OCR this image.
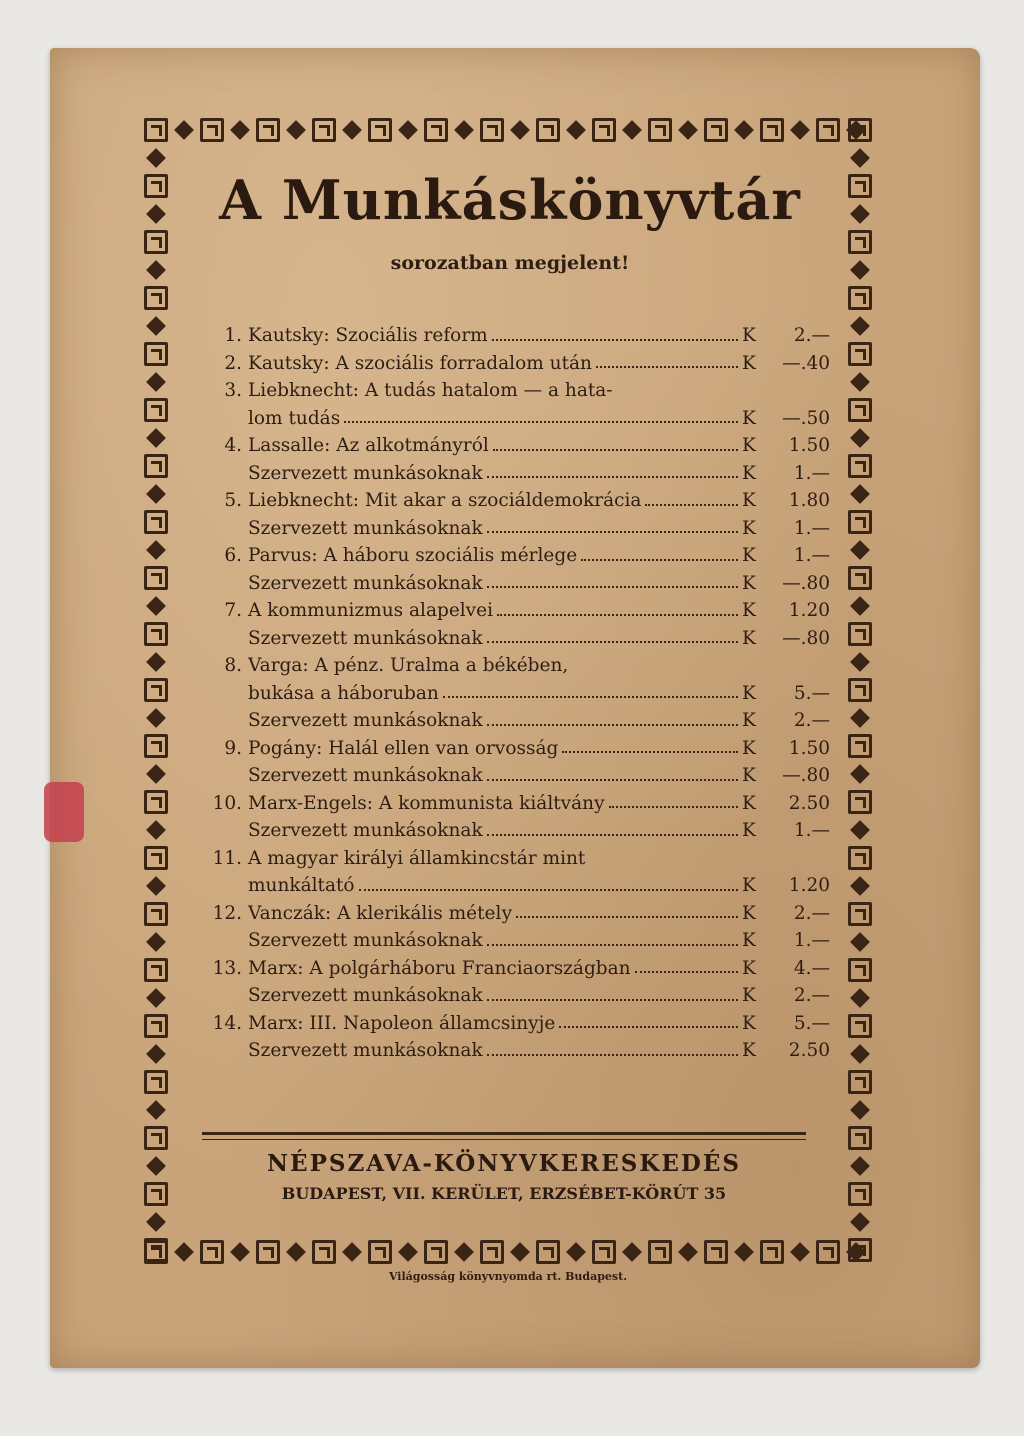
A Munkáskönyvtár
sorozatban megjelent!
1. Kautsky: Szociális reform	K	2.—
2. Kautsky: A szociális forradalom után	K	—.40
3. Liebknecht: A tudás hatalom — a hata-
lom tudás	K	—.50
4. Lassalle: Az alkotmányról	K	1.50
Szervezett munkásoknak	K	1.—
5. Liebknecht: Mit akar a szociáldemokrácia	K	1.80
Szervezett munkásoknak	K	1.—
6. Parvus: A háboru szociális mérlege	K	1.—
Szervezett munkásoknak	K	—.80
7. A kommunizmus alapelvei	K	1.20
Szervezett munkásoknak	K	—.80
8. Varga: A pénz. Uralma a békében,
bukása a háboruban	K	5.—
Szervezett munkásoknak	K	2.—
9. Pogány: Halál ellen van orvosság	K	1.50
Szervezett munkásoknak	K	—.80
10. Marx-Engels: A kommunista kiáltvány	K	2.50
Szervezett munkásoknak	K	1.—
11. A magyar királyi államkincstár mint
munkáltató	K	1.20
12. Vanczák: A klerikális mételу	K	2.—
Szervezett munkásoknak	K	1.—
13. Marx: A polgárháboru Franciaországban	K	4.—
Szervezett munkásoknak	K	2.—
14. Marx: III. Napoleon államcsinyje	K	5.—
Szervezett munkásoknak	K	2.50
NÉPSZAVA-KÖNYVKERESKEDÉS
BUDAPEST, VII. KERÜLET, ERZSÉBET-KÖRÚT 35
Világosság könyvnyomda rt. Budapest.
